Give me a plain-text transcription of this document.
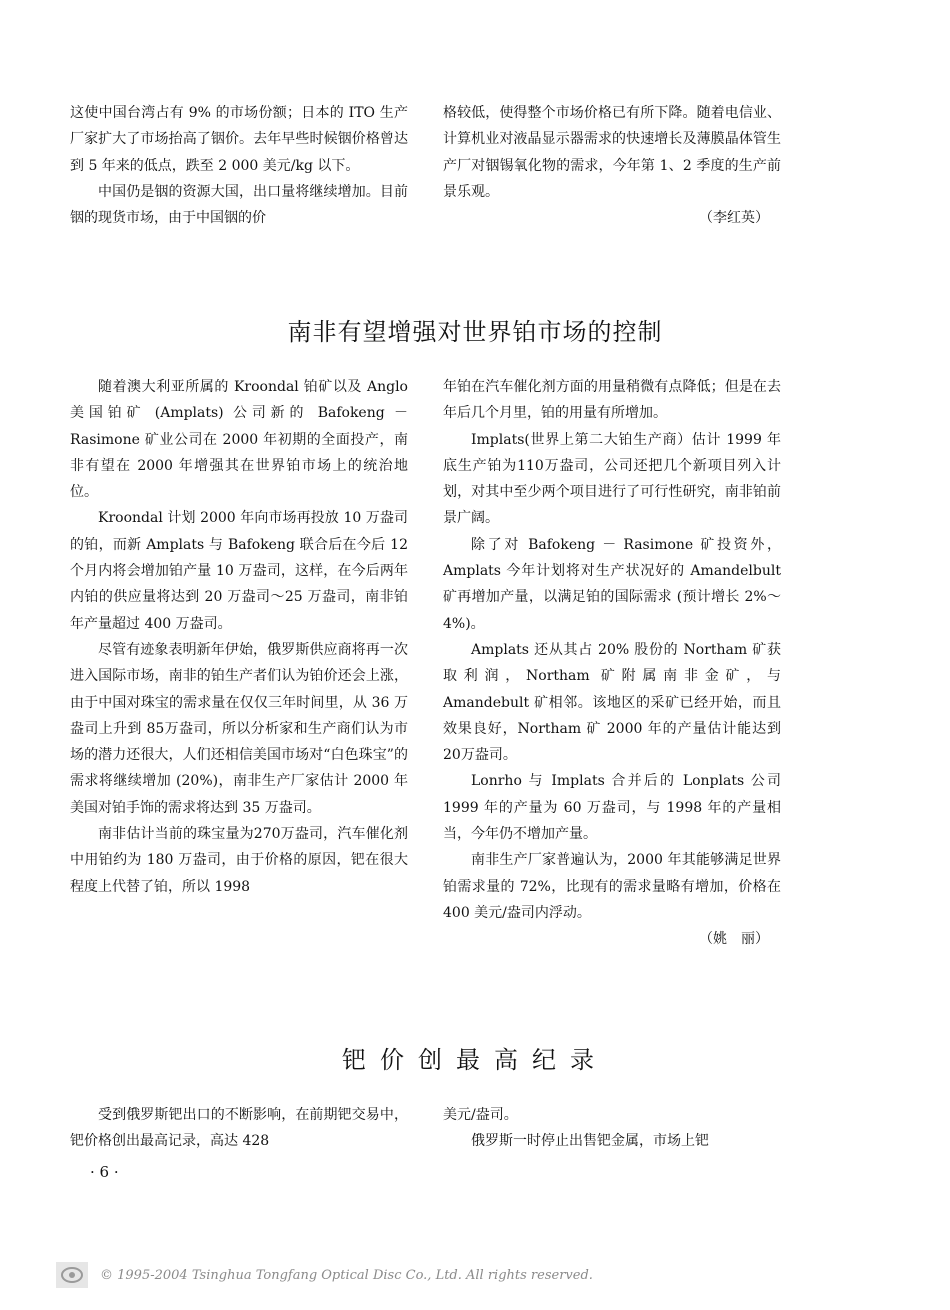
这使中国台湾占有 9% 的市场份额；日本的 ITO 生产厂家扩大了市场抬高了铟价。去年早些时候铟价格曾达到 5 年来的低点，跌至 2 000 美元/kg 以下。

中国仍是铟的资源大国，出口量将继续增加。目前铟的现货市场，由于中国铟的价

格较低，使得整个市场价格已有所下降。随着电信业、计算机业对液晶显示器需求的快速增长及薄膜晶体管生产厂对铟锡氧化物的需求，今年第 1、2 季度的生产前景乐观。

（李红英）

南非有望增强对世界铂市场的控制

随着澳大利亚所属的 Kroondal 铂矿以及 Anglo 美国铂矿 (Amplats) 公司新的 Bafokeng －Rasimone 矿业公司在 2000 年初期的全面投产，南非有望在 2000 年增强其在世界铂市场上的统治地位。

Kroondal 计划 2000 年向市场再投放 10 万盎司的铂，而新 Amplats 与 Bafokeng 联合后在今后 12 个月内将会增加铂产量 10 万盎司，这样，在今后两年内铂的供应量将达到 20 万盎司～25 万盎司，南非铂年产量超过 400 万盎司。

尽管有迹象表明新年伊始，俄罗斯供应商将再一次进入国际市场，南非的铂生产者们认为铂价还会上涨，由于中国对珠宝的需求量在仅仅三年时间里，从 36 万盎司上升到 85万盎司，所以分析家和生产商们认为市场的潜力还很大，人们还相信美国市场对“白色珠宝”的需求将继续增加 (20%)，南非生产厂家估计 2000 年美国对铂手饰的需求将达到 35 万盎司。

南非估计当前的珠宝量为270万盎司，汽车催化剂中用铂约为 180 万盎司，由于价格的原因，钯在很大程度上代替了铂，所以 1998

年铂在汽车催化剂方面的用量稍微有点降低；但是在去年后几个月里，铂的用量有所增加。

Implats(世界上第二大铂生产商）估计 1999 年底生产铂为110万盎司，公司还把几个新项目列入计划，对其中至少两个项目进行了可行性研究，南非铂前景广阔。

除了对 Bafokeng － Rasimone 矿投资外，Amplats 今年计划将对生产状况好的 Amandelbult 矿再增加产量，以满足铂的国际需求 (预计增长 2%～4%)。

Amplats 还从其占 20% 股份的 Northam 矿获取利润，Northam 矿附属南非金矿，与 Amandebult 矿相邻。该地区的采矿已经开始，而且效果良好，Northam 矿 2000 年的产量估计能达到 20万盎司。

Lonrho 与 Implats 合并后的 Lonplats 公司 1999 年的产量为 60 万盎司，与 1998 年的产量相当，今年仍不增加产量。

南非生产厂家普遍认为，2000 年其能够满足世界铂需求量的 72%，比现有的需求量略有增加，价格在 400 美元/盎司内浮动。

（姚　丽）

钯价创最高纪录

受到俄罗斯钯出口的不断影响，在前期钯交易中，钯价格创出最高记录，高达 428

美元/盎司。

俄罗斯一时停止出售钯金属，市场上钯

· 6 ·
© 1995-2004 Tsinghua Tongfang Optical Disc Co., Ltd. All rights reserved.
